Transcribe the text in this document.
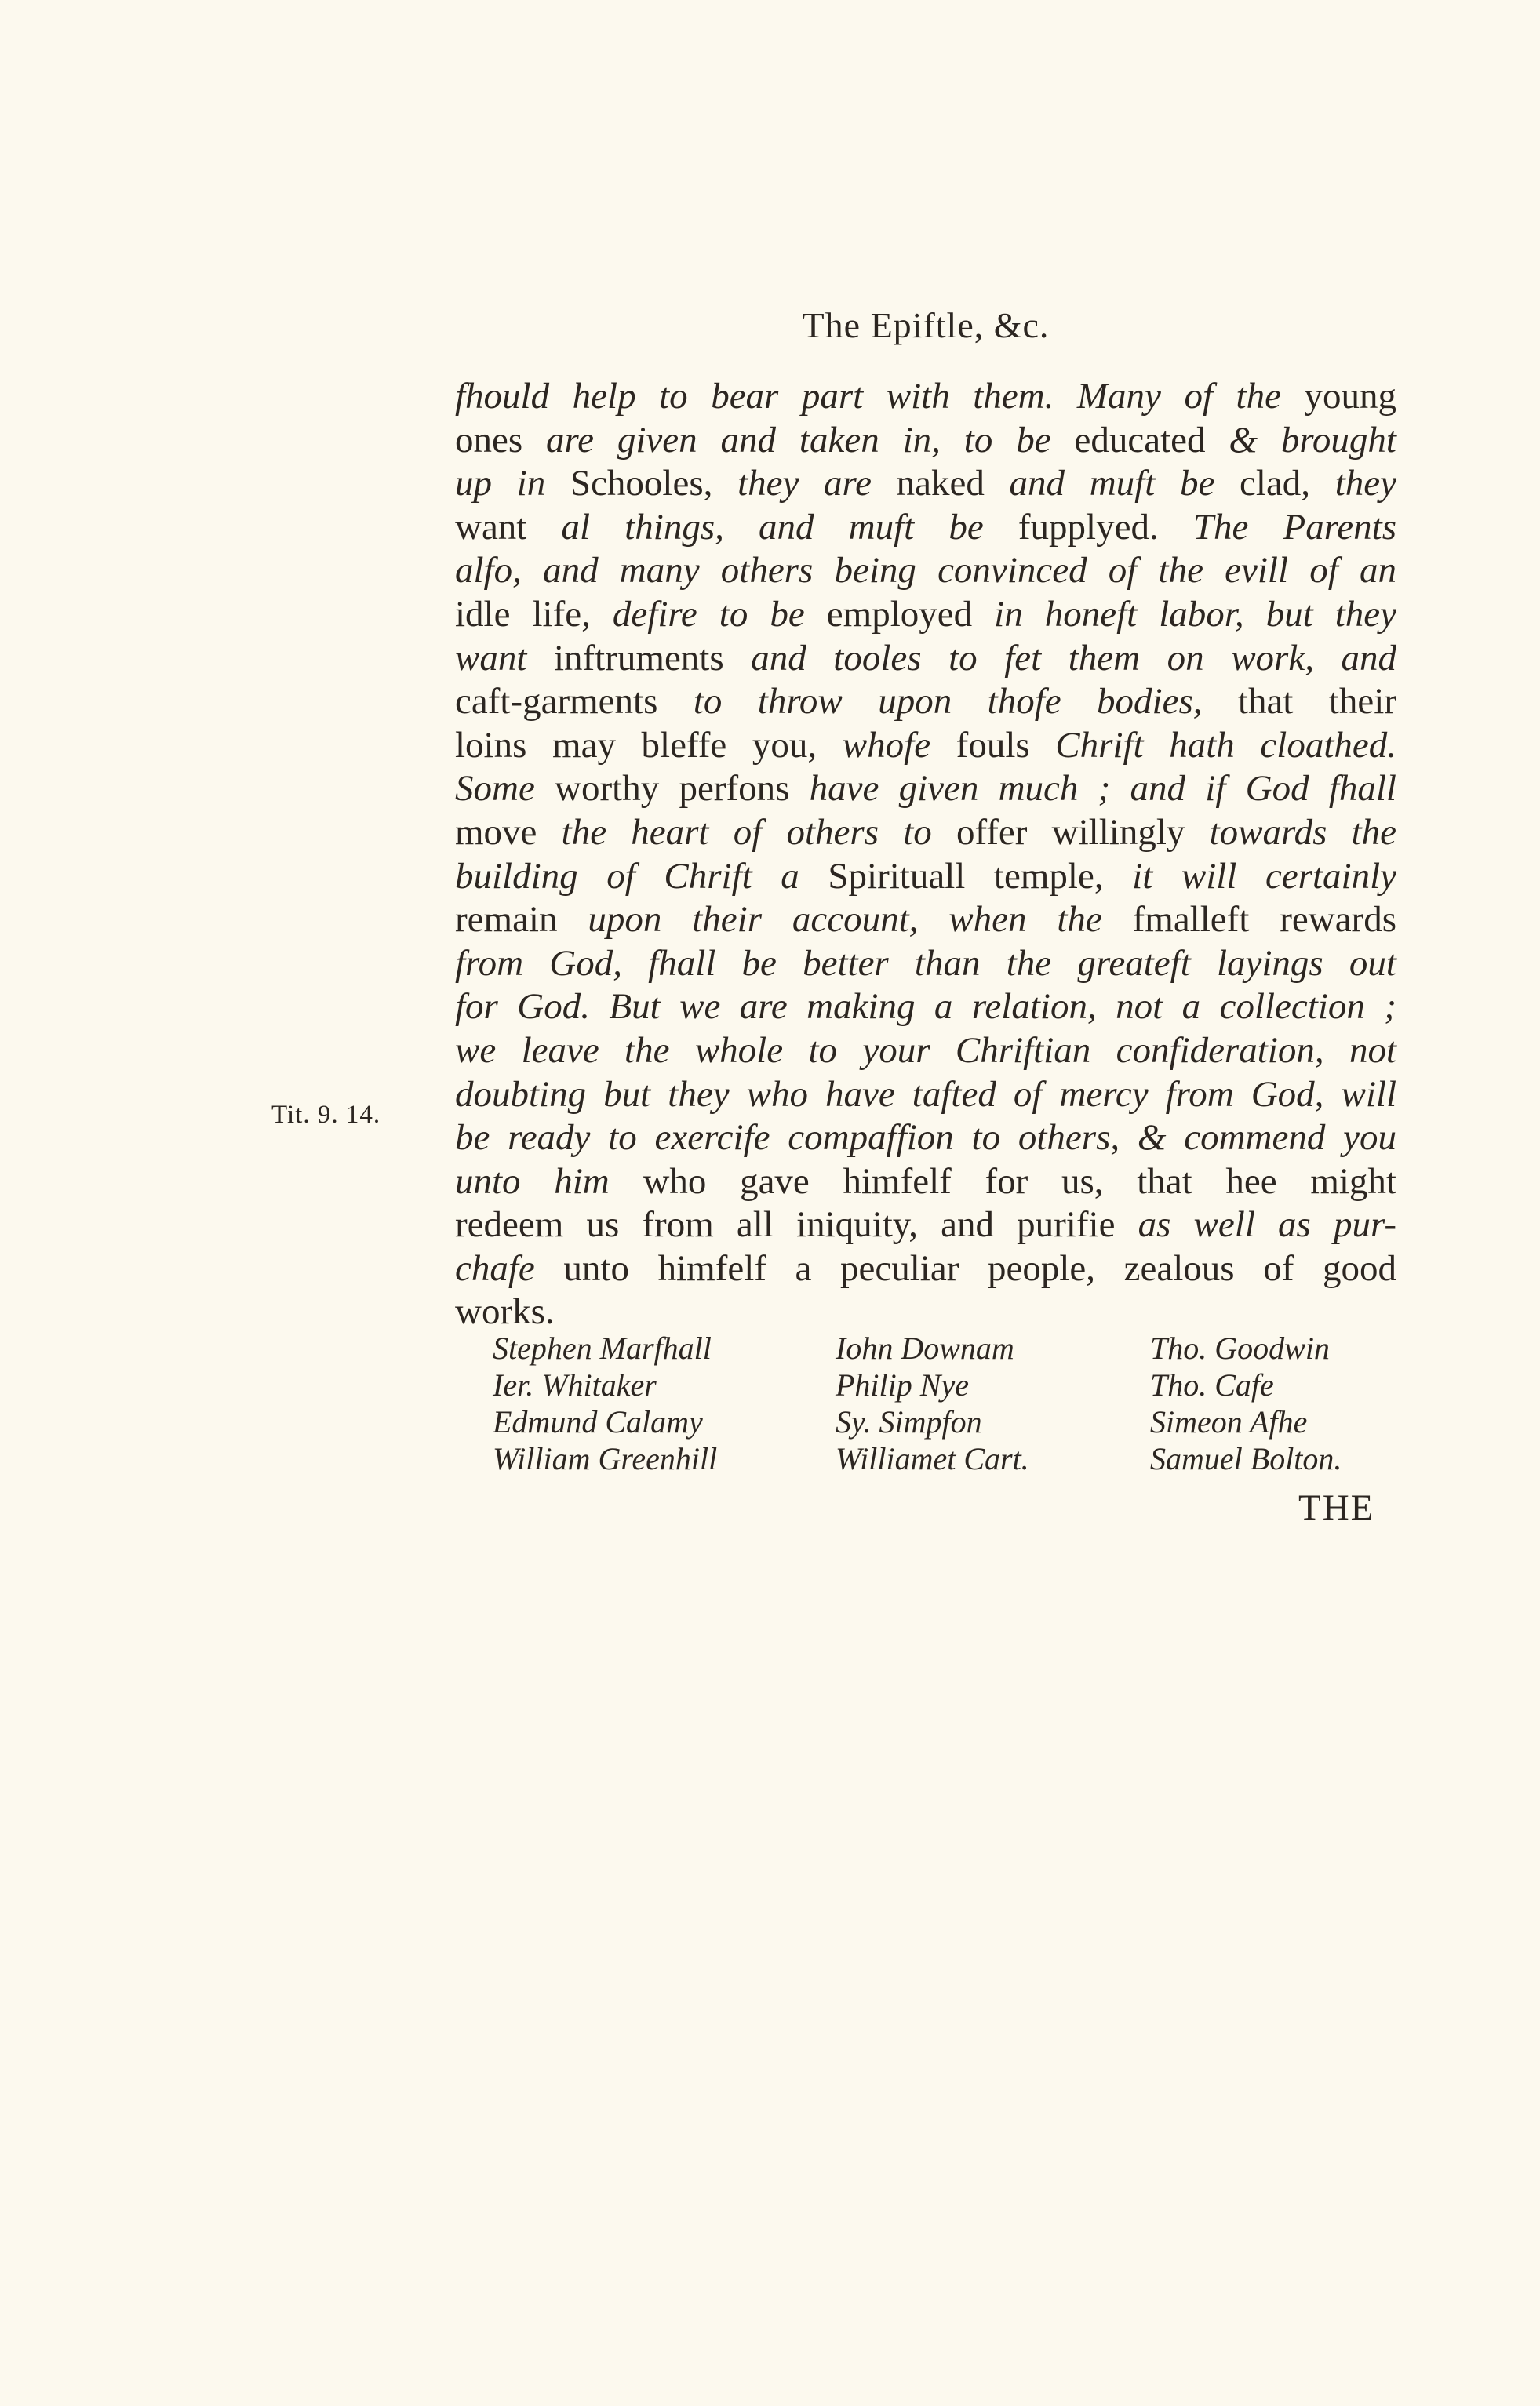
The Epiftle, &c.
Tit. 9. 14.
fhould help to bear part with them. Many of the young
ones are given and taken in, to be educated & brought
up in Schooles, they are naked and muft be clad, they
want al things, and muft be fupplyed. The Parents
alfo, and many others being convinced of the evill of an
idle life, defire to be employed in honeft labor, but they
want inftruments and tooles to fet them on work, and
caft-garments to throw upon thofe bodies, that their
loins may bleffe you, whofe fouls Chrift hath cloathed.
Some worthy perfons have given much ; and if God fhall
move the heart of others to offer willingly towards the
building of Chrift a Spirituall temple, it will certainly
remain upon their account, when the fmalleft rewards
from God, fhall be better than the greateft layings out
for God. But we are making a relation, not a collection ;
we leave the whole to your Chriftian confideration, not
doubting but they who have tafted of mercy from God, will
be ready to exercife compaffion to others, & commend you
unto him who gave himfelf for us, that hee might
redeem us from all iniquity, and purifie as well as pur-
chafe unto himfelf a peculiar people, zealous of good
works.
Stephen Marfhall
Ier. Whitaker
Edmund Calamy
William Greenhill
Iohn Downam
Philip Nye
Sy. Simpfon
Williamet Cart.
Tho. Goodwin
Tho. Cafe
Simeon Afhe
Samuel Bolton.
THE
